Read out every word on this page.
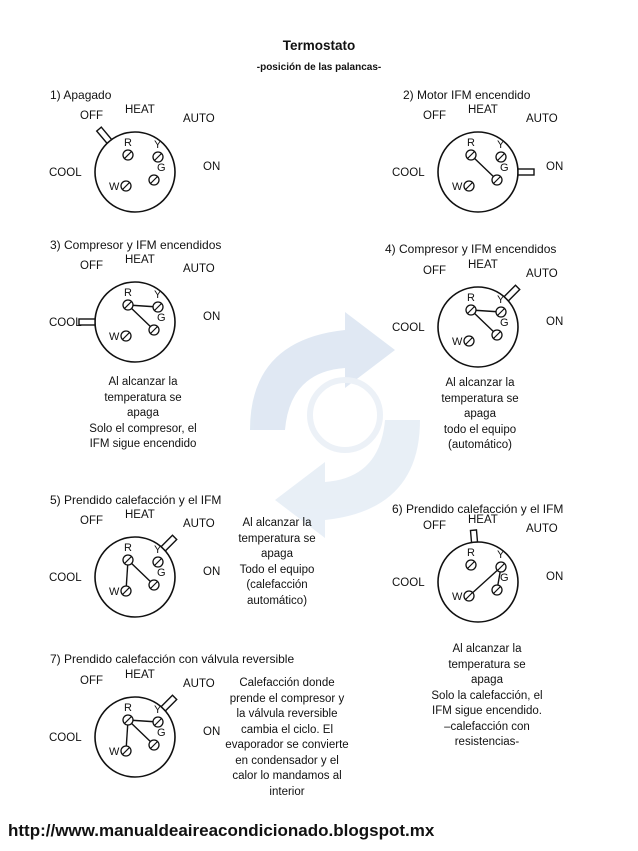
Termostato
-posición de las palancas-
1) Apagado	2) Motor IFM encendido
3) Compresor y IFM encendidos	4) Compresor y IFM encendidos
5) Prendido calefacción y el IFM
6) Prendido calefacción y el IFM
7) Prendido calefacción con válvula reversible
Al alcanzar la
temperatura se
apaga
Solo el compresor, el
IFM sigue encendido
Al alcanzar la
temperatura se
apaga
todo el equipo
(automático)
Al alcanzar la
temperatura se
apaga
Todo el equipo
(calefacción
automático)
Al alcanzar la
temperatura se
apaga
Solo la calefacción, el
IFM sigue encendido.
–calefacción con
resistencias-
Calefacción donde
prende el compresor y
la válvula reversible
cambia el ciclo. El
evaporador se convierte
en condensador y el
calor lo mandamos al
interior
OFF HEAT
AUTO
COOL	ON
R Y
W
G
OFF HEAT
AUTO
COOL	ON
R Y
W
G
OFF HEAT
AUTO
COOL	ON
R Y
W
G
OFF HEAT
AUTO
COOL	ON
R Y
W
G
OFF HEAT
AUTO
COOL	ON
R Y
W
G
OFF HEAT
AUTO
COOL	ON
R Y
W
G
OFF HEAT
AUTO
COOL	ON
R Y
W
G
http://www.manualdeaireacondicionado.blogspot.mx
